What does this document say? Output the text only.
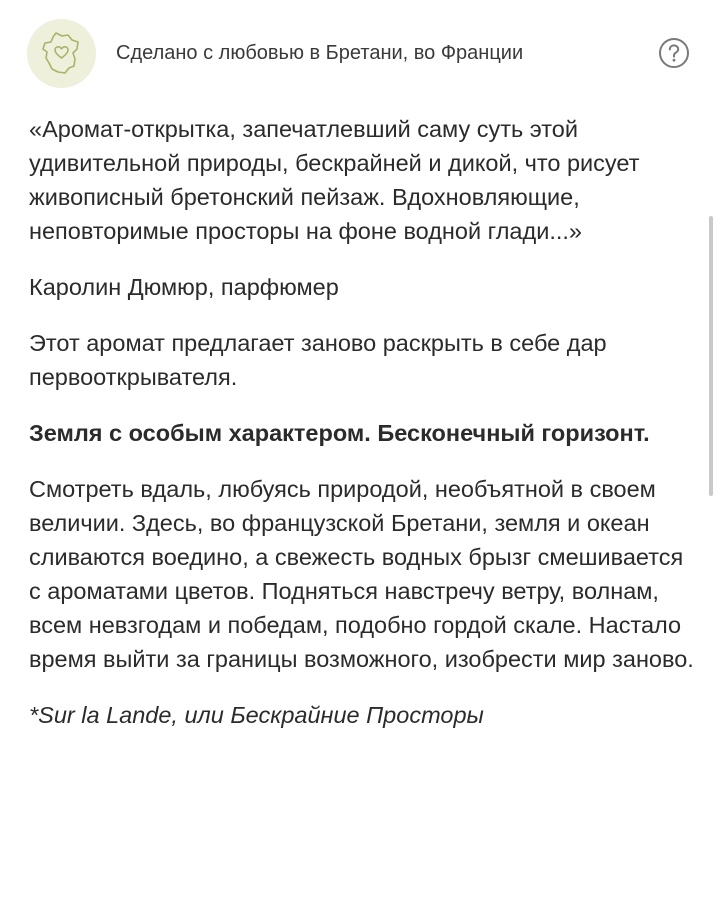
Сделано с любовью в Бретани, во Франции

«Аромат-открытка, запечатлевший саму суть этой удивительной природы, бескрайней и дикой, что рисует живописный бретонский пейзаж. Вдохновляющие, неповторимые просторы на фоне водной глади...»

Каролин Дюмюр, парфюмер

Этот аромат предлагает заново раскрыть в себе дар первооткрывателя.

Земля с особым характером. Бесконечный горизонт.

Смотреть вдаль, любуясь природой, необъятной в своем величии. Здесь, во французской Бретани, земля и океан сливаются воедино, а свежесть водных брызг смешивается с ароматами цветов. Подняться навстречу ветру, волнам, всем невзгодам и победам, подобно гордой скале. Настало время выйти за границы возможного, изобрести мир заново.

*Sur la Lande, или Бескрайние Просторы
